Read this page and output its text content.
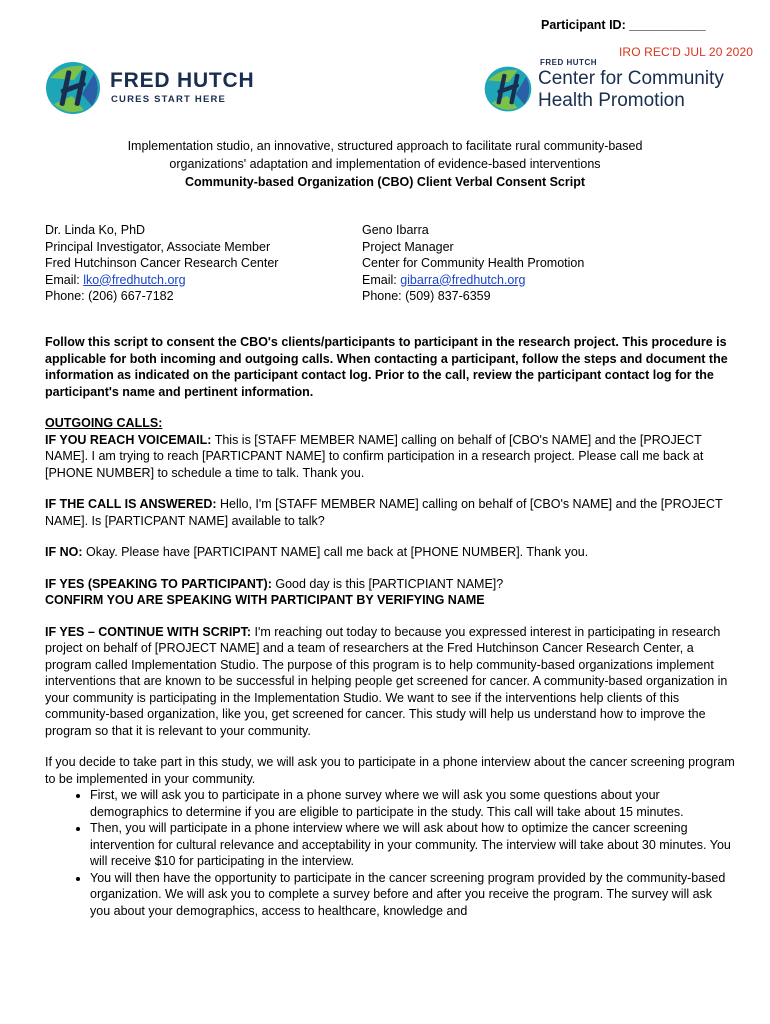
Participant ID: ___________
IRO REC'D JUL 20 2020
FRED HUTCH
CURES START HERE
FRED HUTCH
Center for Community
Health Promotion
Implementation studio, an innovative, structured approach to facilitate rural community-based
organizations' adaptation and implementation of evidence-based interventions
Community-based Organization (CBO) Client Verbal Consent Script
Dr. Linda Ko, PhD
Principal Investigator, Associate Member
Fred Hutchinson Cancer Research Center
Email: lko@fredhutch.org
Phone: (206) 667-7182
Geno Ibarra
Project Manager
Center for Community Health Promotion
Email: gibarra@fredhutch.org
Phone: (509) 837-6359

Follow this script to consent the CBO's clients/participants to participant in the research project. This procedure is applicable for both incoming and outgoing calls. When contacting a participant, follow the steps and document the information as indicated on the participant contact log. Prior to the call, review the participant contact log for the participant's name and pertinent information.

OUTGOING CALLS:
IF YOU REACH VOICEMAIL: This is [STAFF MEMBER NAME] calling on behalf of [CBO's NAME] and the [PROJECT NAME]. I am trying to reach [PARTICPANT NAME] to confirm participation in a research project. Please call me back at [PHONE NUMBER] to schedule a time to talk. Thank you.

IF THE CALL IS ANSWERED: Hello, I'm [STAFF MEMBER NAME] calling on behalf of [CBO's NAME] and the [PROJECT NAME]. Is [PARTICPANT NAME] available to talk?

IF NO: Okay. Please have [PARTICIPANT NAME] call me back at [PHONE NUMBER]. Thank you.

IF YES (SPEAKING TO PARTICIPANT): Good day is this [PARTICPIANT NAME]?
CONFIRM YOU ARE SPEAKING WITH PARTICIPANT BY VERIFYING NAME

IF YES – CONTINUE WITH SCRIPT: I'm reaching out today to because you expressed interest in participating in research project on behalf of [PROJECT NAME] and a team of researchers at the Fred Hutchinson Cancer Research Center, a program called Implementation Studio. The purpose of this program is to help community-based organizations implement interventions that are known to be successful in helping people get screened for cancer. A community-based organization in your community is participating in the Implementation Studio. We want to see if the interventions help clients of this community-based organization, like you, get screened for cancer. This study will help us understand how to improve the program so that it is relevant to your community.

If you decide to take part in this study, we will ask you to participate in a phone interview about the cancer screening program to be implemented in your community.

• First, we will ask you to participate in a phone survey where we will ask you some questions about your demographics to determine if you are eligible to participate in the study. This call will take about 15 minutes.
• Then, you will participate in a phone interview where we will ask about how to optimize the cancer screening intervention for cultural relevance and acceptability in your community. The interview will take about 30 minutes. You will receive $10 for participating in the interview.
• You will then have the opportunity to participate in the cancer screening program provided by the community-based organization. We will ask you to complete a survey before and after you receive the program. The survey will ask you about your demographics, access to healthcare, knowledge and
